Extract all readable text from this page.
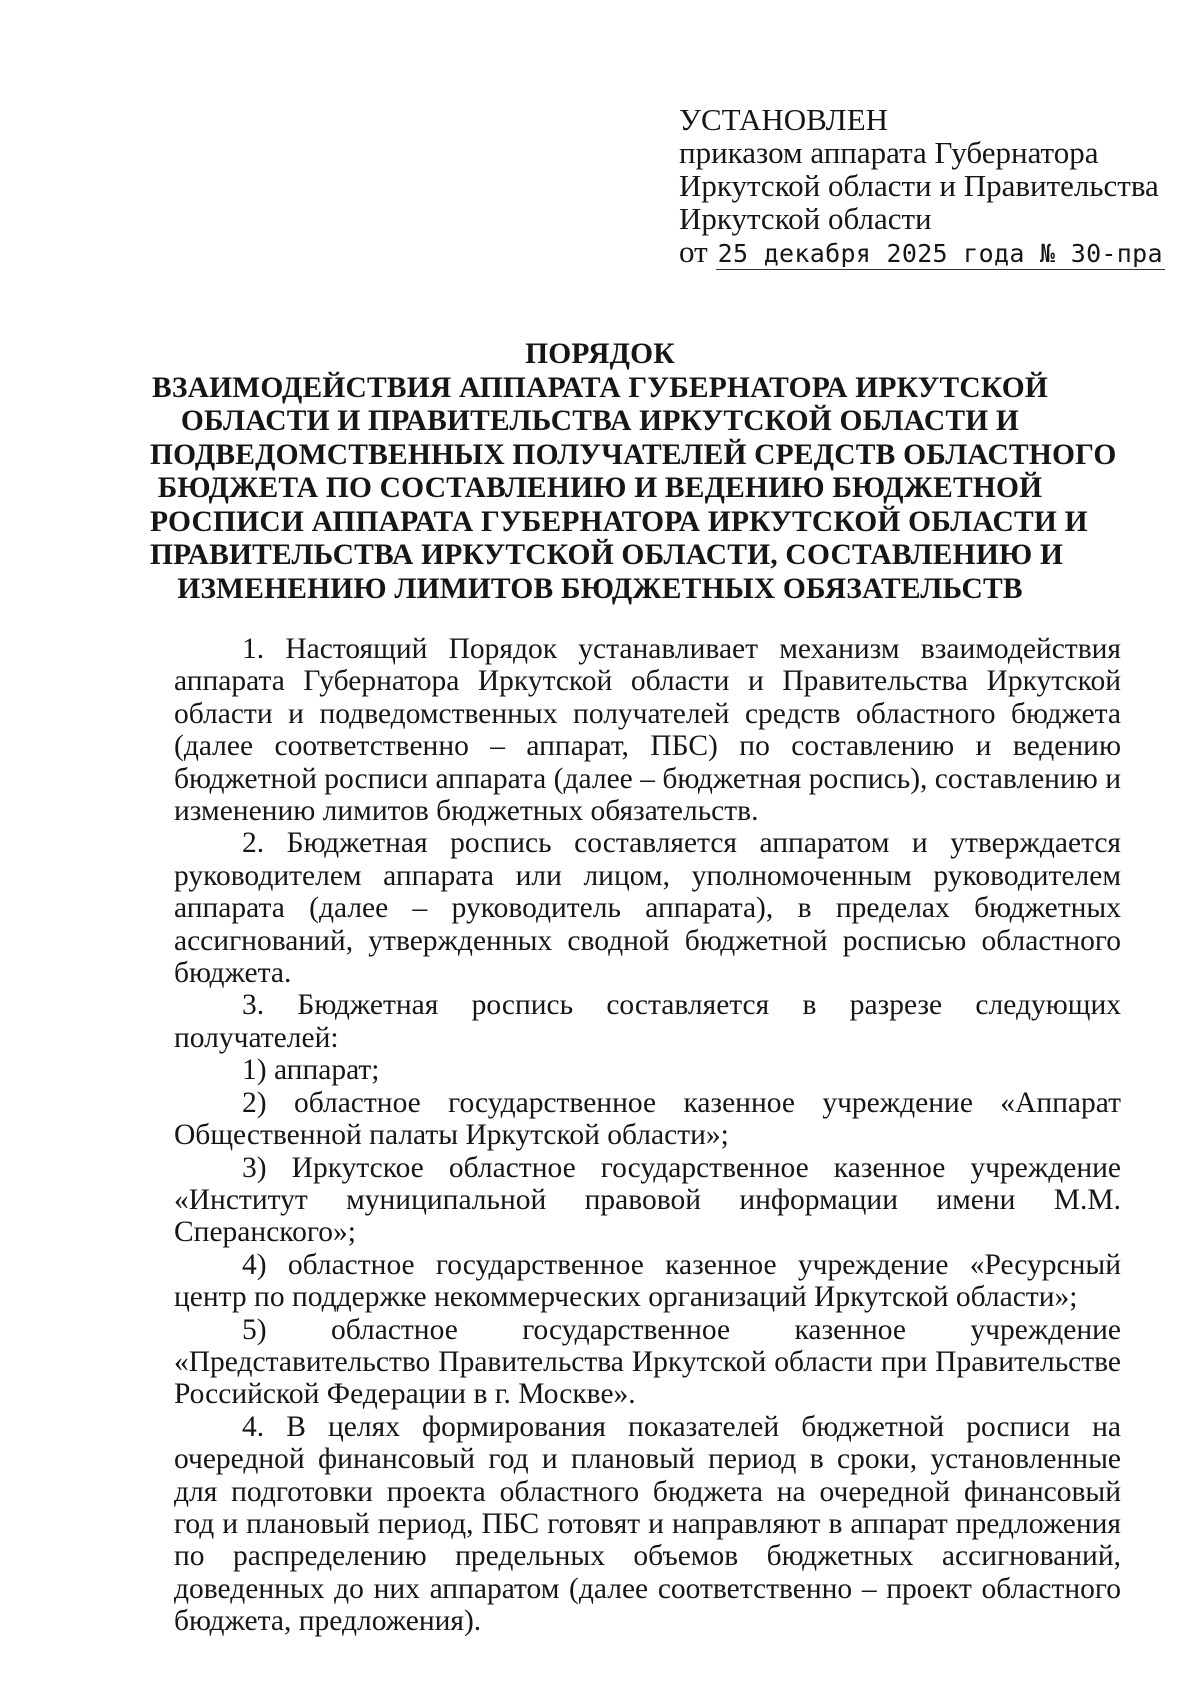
УСТАНОВЛЕН
приказом аппарата Губернатора
Иркутской области и Правительства
Иркутской области
от 25 декабря 2025 года № 30-пра
ПОРЯДОК
ВЗАИМОДЕЙСТВИЯ АППАРАТА ГУБЕРНАТОРА ИРКУТСКОЙ
ОБЛАСТИ И ПРАВИТЕЛЬСТВА ИРКУТСКОЙ ОБЛАСТИ И
ПОДВЕДОМСТВЕННЫХ ПОЛУЧАТЕЛЕЙ СРЕДСТВ ОБЛАСТНОГО
БЮДЖЕТА ПО СОСТАВЛЕНИЮ И ВЕДЕНИЮ БЮДЖЕТНОЙ
РОСПИСИ АППАРАТА ГУБЕРНАТОРА ИРКУТСКОЙ ОБЛАСТИ И
ПРАВИТЕЛЬСТВА ИРКУТСКОЙ ОБЛАСТИ, СОСТАВЛЕНИЮ И
ИЗМЕНЕНИЮ ЛИМИТОВ БЮДЖЕТНЫХ ОБЯЗАТЕЛЬСТВ

1. Настоящий Порядок устанавливает механизм взаимодействия аппарата Губернатора Иркутской области и Правительства Иркутской области и подведомственных получателей средств областного бюджета (далее соответственно – аппарат, ПБС) по составлению и ведению бюджетной росписи аппарата (далее – бюджетная роспись), составлению и изменению лимитов бюджетных обязательств.

2. Бюджетная роспись составляется аппаратом и утверждается руководителем аппарата или лицом, уполномоченным руководителем аппарата (далее – руководитель аппарата), в пределах бюджетных ассигнований, утвержденных сводной бюджетной росписью областного бюджета.

3. Бюджетная роспись составляется в разрезе следующих получателей:

1) аппарат;

2) областное государственное казенное учреждение «Аппарат Общественной палаты Иркутской области»;

3) Иркутское областное государственное казенное учреждение «Институт муниципальной правовой информации имени М.М. Сперанского»;

4) областное государственное казенное учреждение «Ресурсный центр по поддержке некоммерческих организаций Иркутской области»;

5) областное государственное казенное учреждение «Представительство Правительства Иркутской области при Правительстве Российской Федерации в г. Москве».

4. В целях формирования показателей бюджетной росписи на очередной финансовый год и плановый период в сроки, установленные для подготовки проекта областного бюджета на очередной финансовый год и плановый период, ПБС готовят и направляют в аппарат предложения по распределению предельных объемов бюджетных ассигнований, доведенных до них аппаратом (далее соответственно – проект областного бюджета, предложения).
